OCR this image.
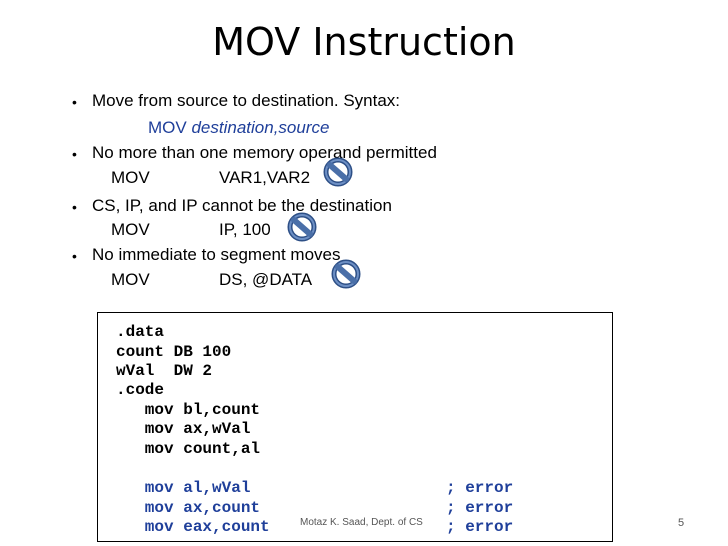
MOV Instruction
• Move from source to destination. Syntax:
MOV destination,source
• No more than one memory operand permitted
MOV	VAR1,VAR2
• CS, IP, and IP cannot be the destination
MOV	IP, 100
• No immediate to segment moves
MOV	DS, @DATA
.data
count DB 100
wVal  DW 2
.code
mov bl,count
mov ax,wVal
mov count,al
mov al,wVal	; error
mov ax,count	; error
mov eax,count	; error
Motaz K. Saad, Dept. of CS	5
